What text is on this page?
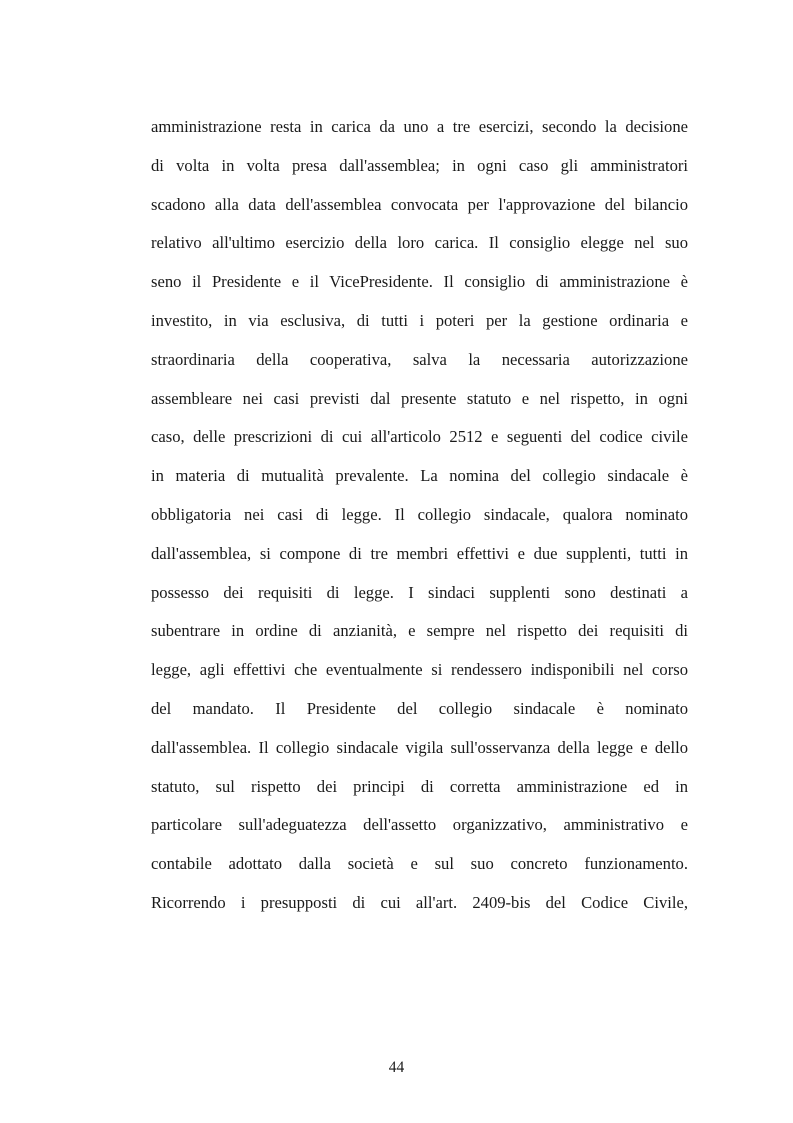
amministrazione resta in carica da uno a tre esercizi, secondo la decisione
di volta in volta presa dall'assemblea; in ogni caso gli amministratori
scadono alla data dell'assemblea convocata per l'approvazione del bilancio
relativo all'ultimo esercizio della loro carica. Il consiglio elegge nel suo
seno il Presidente e il VicePresidente. Il consiglio di amministrazione è
investito, in via esclusiva, di tutti i poteri per la gestione ordinaria e
straordinaria della cooperativa, salva la necessaria autorizzazione
assembleare nei casi previsti dal presente statuto e nel rispetto, in ogni
caso, delle prescrizioni di cui all'articolo 2512 e seguenti del codice civile
in materia di mutualità prevalente. La nomina del collegio sindacale è
obbligatoria nei casi di legge. Il collegio sindacale, qualora nominato
dall'assemblea, si compone di tre membri effettivi e due supplenti, tutti in
possesso dei requisiti di legge. I sindaci supplenti sono destinati a
subentrare in ordine di anzianità, e sempre nel rispetto dei requisiti di
legge, agli effettivi che eventualmente si rendessero indisponibili nel corso
del mandato. Il Presidente del collegio sindacale è nominato
dall'assemblea. Il collegio sindacale vigila sull'osservanza della legge e dello
statuto, sul rispetto dei principi di corretta amministrazione ed in
particolare sull'adeguatezza dell'assetto organizzativo, amministrativo e
contabile adottato dalla società e sul suo concreto funzionamento.
Ricorrendo i presupposti di cui all'art. 2409-bis del Codice Civile,
44
